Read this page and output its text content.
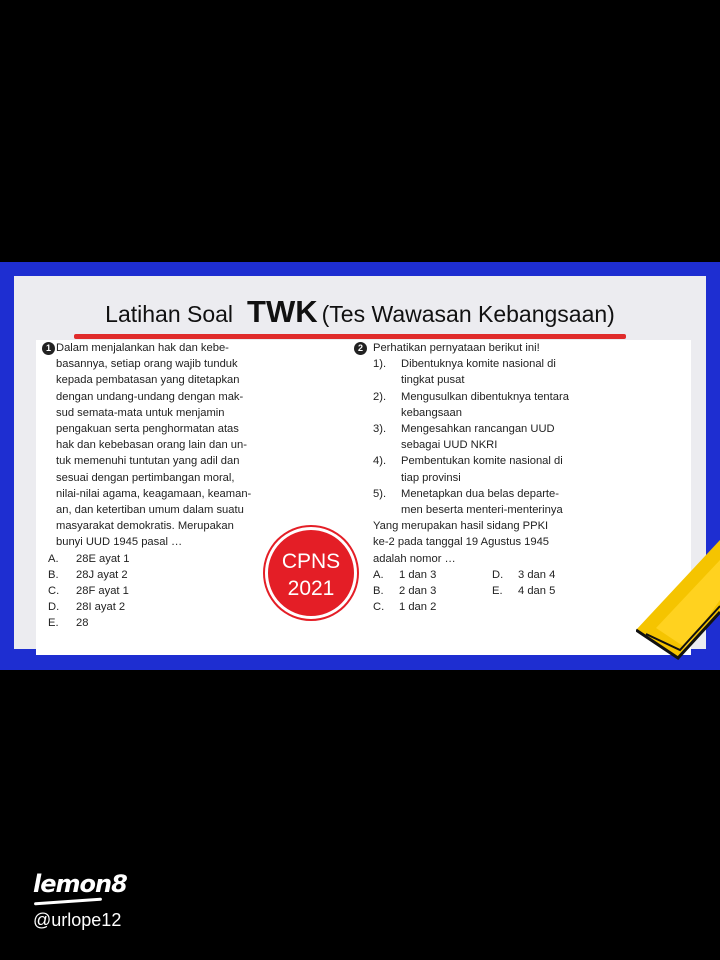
Latihan Soal TWK (Tes Wawasan Kebangsaan)
1 Dalam menjalankan hak dan kebe-
basannya, setiap orang wajib tunduk
kepada pembatasan yang ditetapkan
dengan undang-undang dengan mak-
sud semata-mata untuk menjamin
pengakuan serta penghormatan atas
hak dan kebebasan orang lain dan un-
tuk memenuhi tuntutan yang adil dan
sesuai dengan pertimbangan moral,
nilai-nilai agama, keagamaan, keaman-
an, dan ketertiban umum dalam suatu
masyarakat demokratis. Merupakan
bunyi UUD 1945 pasal …
A.	28E ayat 1
B.	28J ayat 2
C.	28F ayat 1
D.	28I ayat 2
E.	28
2 Perhatikan pernyataan berikut ini!
1).	Dibentuknya komite nasional di
tingkat pusat
2).	Mengusulkan dibentuknya tentara
kebangsaan
3).	Mengesahkan rancangan UUD
sebagai UUD NKRI
4).	Pembentukan komite nasional di
tiap provinsi
5).	Menetapkan dua belas departe-
men beserta menteri-menterinya
Yang merupakan hasil sidang PPKI
ke-2 pada tanggal 19 Agustus 1945
adalah nomor …
A. 1 dan 3	D. 3 dan 4
B. 2 dan 3	E. 4 dan 5
C. 1 dan 2
CPNS
2021
lemon8
@urlope12
